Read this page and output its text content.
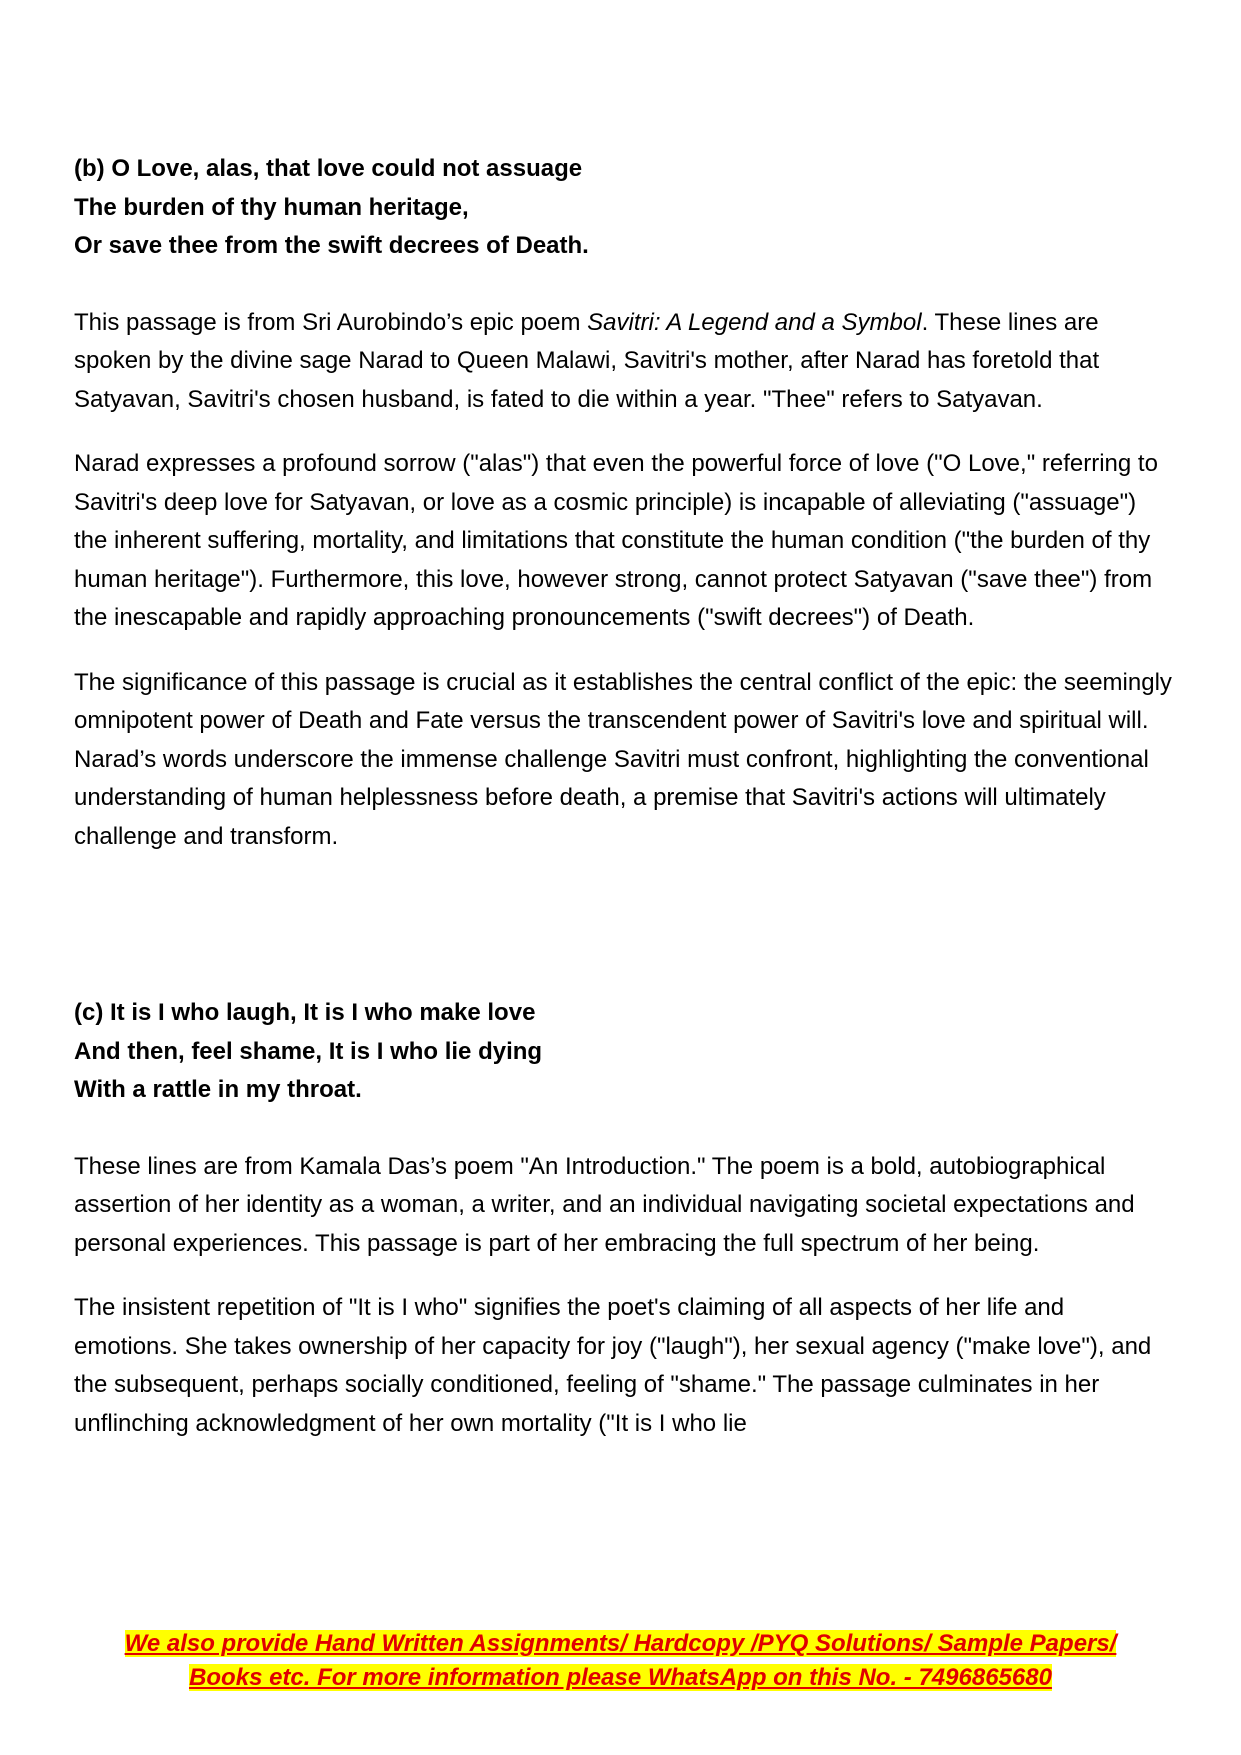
(b) O Love, alas, that love could not assuage
The burden of thy human heritage,
Or save thee from the swift decrees of Death.

This passage is from Sri Aurobindo’s epic poem Savitri: A Legend and a Symbol. These lines are spoken by the divine sage Narad to Queen Malawi, Savitri's mother, after Narad has foretold that Satyavan, Savitri's chosen husband, is fated to die within a year. "Thee" refers to Satyavan.

Narad expresses a profound sorrow ("alas") that even the powerful force of love ("O Love," referring to Savitri's deep love for Satyavan, or love as a cosmic principle) is incapable of alleviating ("assuage") the inherent suffering, mortality, and limitations that constitute the human condition ("the burden of thy human heritage"). Furthermore, this love, however strong, cannot protect Satyavan ("save thee") from the inescapable and rapidly approaching pronouncements ("swift decrees") of Death.

The significance of this passage is crucial as it establishes the central conflict of the epic: the seemingly omnipotent power of Death and Fate versus the transcendent power of Savitri's love and spiritual will. Narad’s words underscore the immense challenge Savitri must confront, highlighting the conventional understanding of human helplessness before death, a premise that Savitri's actions will ultimately challenge and transform.

(c) It is I who laugh, It is I who make love
And then, feel shame, It is I who lie dying
With a rattle in my throat.

These lines are from Kamala Das’s poem "An Introduction." The poem is a bold, autobiographical assertion of her identity as a woman, a writer, and an individual navigating societal expectations and personal experiences. This passage is part of her embracing the full spectrum of her being.

The insistent repetition of "It is I who" signifies the poet's claiming of all aspects of her life and emotions. She takes ownership of her capacity for joy ("laugh"), her sexual agency ("make love"), and the subsequent, perhaps socially conditioned, feeling of "shame." The passage culminates in her unflinching acknowledgment of her own mortality ("It is I who lie

We also provide Hand Written Assignments/ Hardcopy /PYQ Solutions/ Sample Papers/
Books etc. For more information please WhatsApp on this No. - 7496865680
